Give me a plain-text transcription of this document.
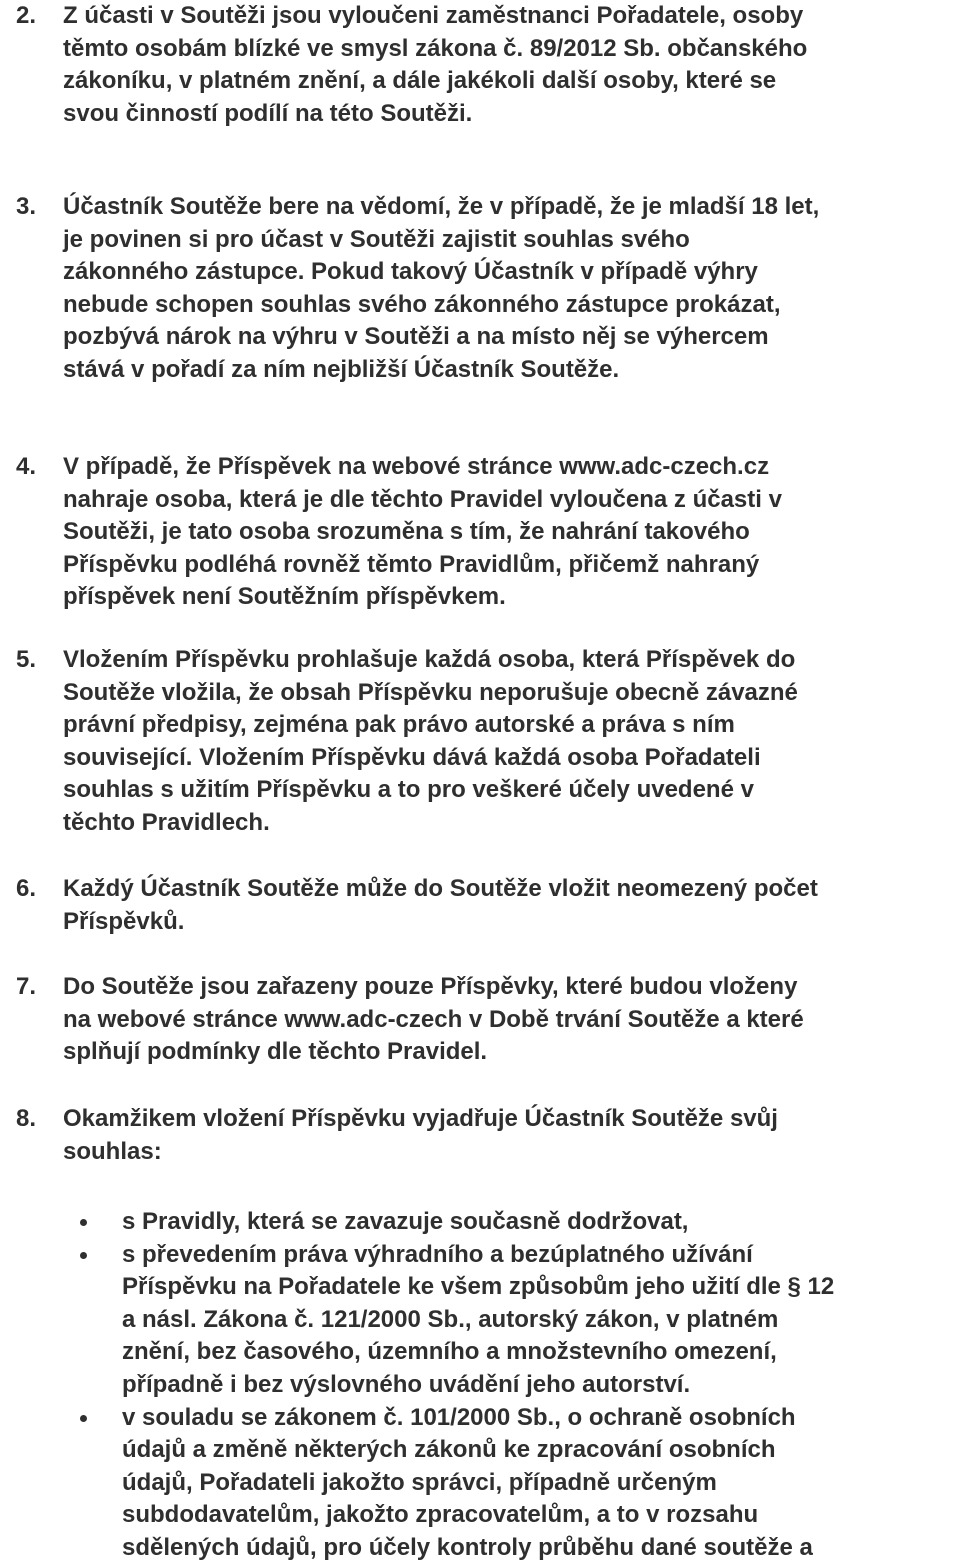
2.	Z účasti v Soutěži jsou vyloučeni zaměstnanci Pořadatele, osoby
těmto osobám blízké ve smysl zákona č. 89/2012 Sb. občanského
zákoníku, v platném znění, a dále jakékoli další osoby, které se
svou činností podílí na této Soutěži.
3.	Účastník Soutěže bere na vědomí, že v případě, že je mladší 18 let,
je povinen si pro účast v Soutěži zajistit souhlas svého
zákonného zástupce. Pokud takový Účastník v případě výhry
nebude schopen souhlas svého zákonného zástupce prokázat,
pozbývá nárok na výhru v Soutěži a na místo něj se výhercem
stává v pořadí za ním nejbližší Účastník Soutěže.
4.	V případě, že Příspěvek na webové stránce www.adc-czech.cz
nahraje osoba, která je dle těchto Pravidel vyloučena z účasti v
Soutěži, je tato osoba srozuměna s tím, že nahrání takového
Příspěvku podléhá rovněž těmto Pravidlům, přičemž nahraný
příspěvek není Soutěžním příspěvkem.
5.	Vložením Příspěvku prohlašuje každá osoba, která Příspěvek do
Soutěže vložila, že obsah Příspěvku neporušuje obecně závazné
právní předpisy, zejména pak právo autorské a práva s ním
související. Vložením Příspěvku dává každá osoba Pořadateli
souhlas s užitím Příspěvku a to pro veškeré účely uvedené v
těchto Pravidlech.
6.	Každý Účastník Soutěže může do Soutěže vložit neomezený počet
Příspěvků.
7.	Do Soutěže jsou zařazeny pouze Příspěvky, které budou vloženy
na webové stránce www.adc-czech v Době trvání Soutěže a které
splňují podmínky dle těchto Pravidel.
8.	Okamžikem vložení Příspěvku vyjadřuje Účastník Soutěže svůj
souhlas:
s Pravidly, která se zavazuje současně dodržovat,
s převedením práva výhradního a bezúplatného užívání
Příspěvku na Pořadatele ke všem způsobům jeho užití dle § 12
a násl. Zákona č. 121/2000 Sb., autorský zákon, v platném
znění, bez časového, územního a množstevního omezení,
případně i bez výslovného uvádění jeho autorství.
v souladu se zákonem č. 101/2000 Sb., o ochraně osobních
údajů a změně některých zákonů ke zpracování osobních
údajů, Pořadateli jakožto správci, případně určeným
subdodavatelům, jakožto zpracovatelům, a to v rozsahu
sdělených údajů, pro účely kontroly průběhu dané soutěže a
